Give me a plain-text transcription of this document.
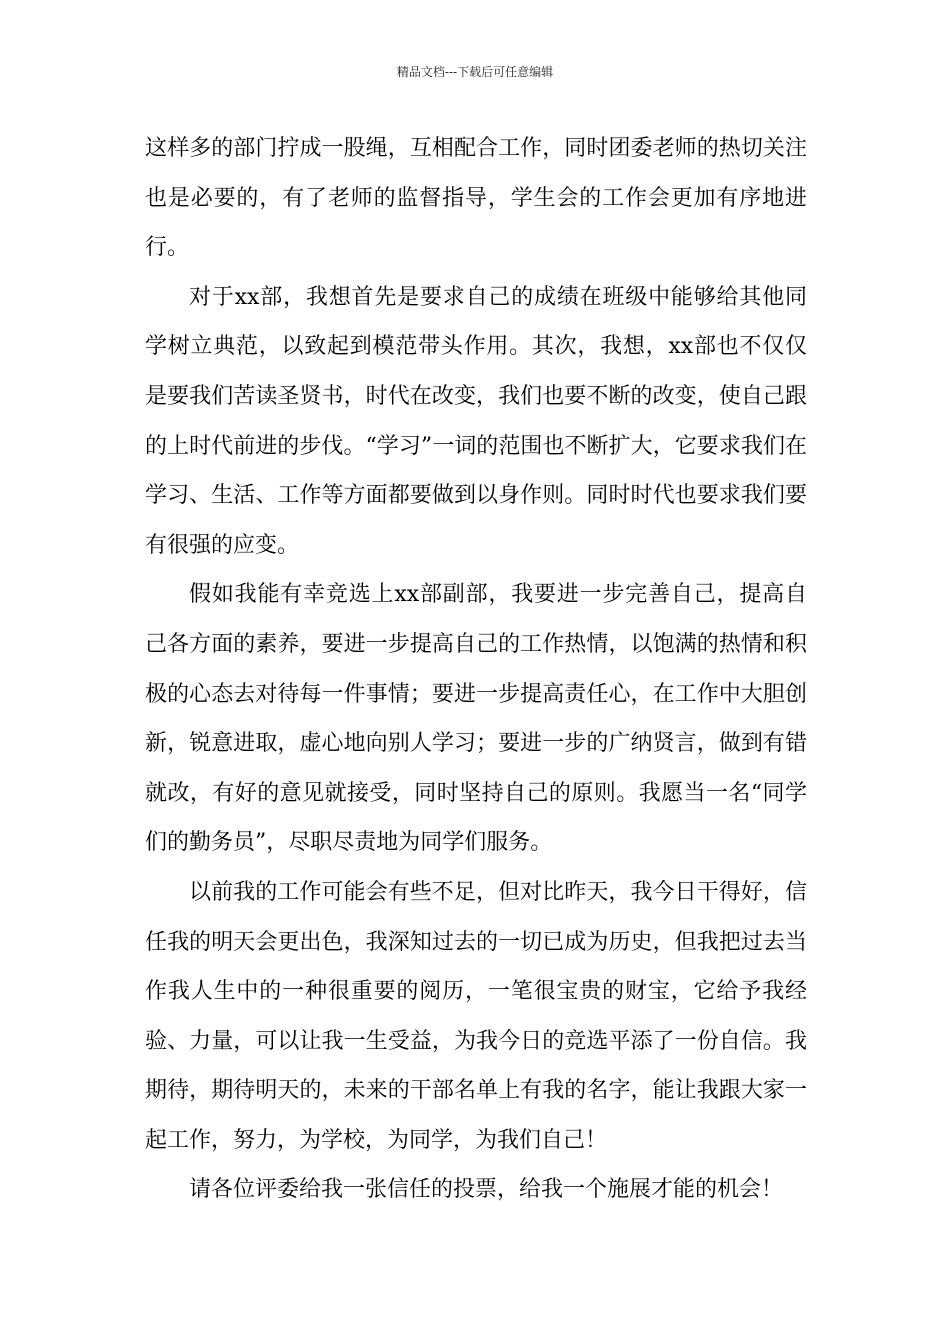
精品文档---下载后可任意编辑

这样多的部门拧成一股绳，互相配合工作，同时团委老师的热切关注也是必要的，有了老师的监督指导，学生会的工作会更加有序地进行。

对于xx部，我想首先是要求自己的成绩在班级中能够给其他同学树立典范，以致起到模范带头作用。其次，我想，xx部也不仅仅是要我们苦读圣贤书，时代在改变，我们也要不断的改变，使自己跟的上时代前进的步伐。“学习”一词的范围也不断扩大，它要求我们在学习、生活、工作等方面都要做到以身作则。同时时代也要求我们要有很强的应变。

假如我能有幸竞选上xx部副部，我要进一步完善自己，提高自己各方面的素养，要进一步提高自己的工作热情，以饱满的热情和积极的心态去对待每一件事情；要进一步提高责任心，在工作中大胆创新，锐意进取，虚心地向别人学习；要进一步的广纳贤言，做到有错就改，有好的意见就接受，同时坚持自己的原则。我愿当一名“同学们的勤务员”，尽职尽责地为同学们服务。

以前我的工作可能会有些不足，但对比昨天，我今日干得好，信任我的明天会更出色，我深知过去的一切已成为历史，但我把过去当作我人生中的一种很重要的阅历，一笔很宝贵的财宝，它给予我经验、力量，可以让我一生受益，为我今日的竞选平添了一份自信。我期待，期待明天的，未来的干部名单上有我的名字，能让我跟大家一起工作，努力，为学校，为同学，为我们自己！

请各位评委给我一张信任的投票，给我一个施展才能的机会！
